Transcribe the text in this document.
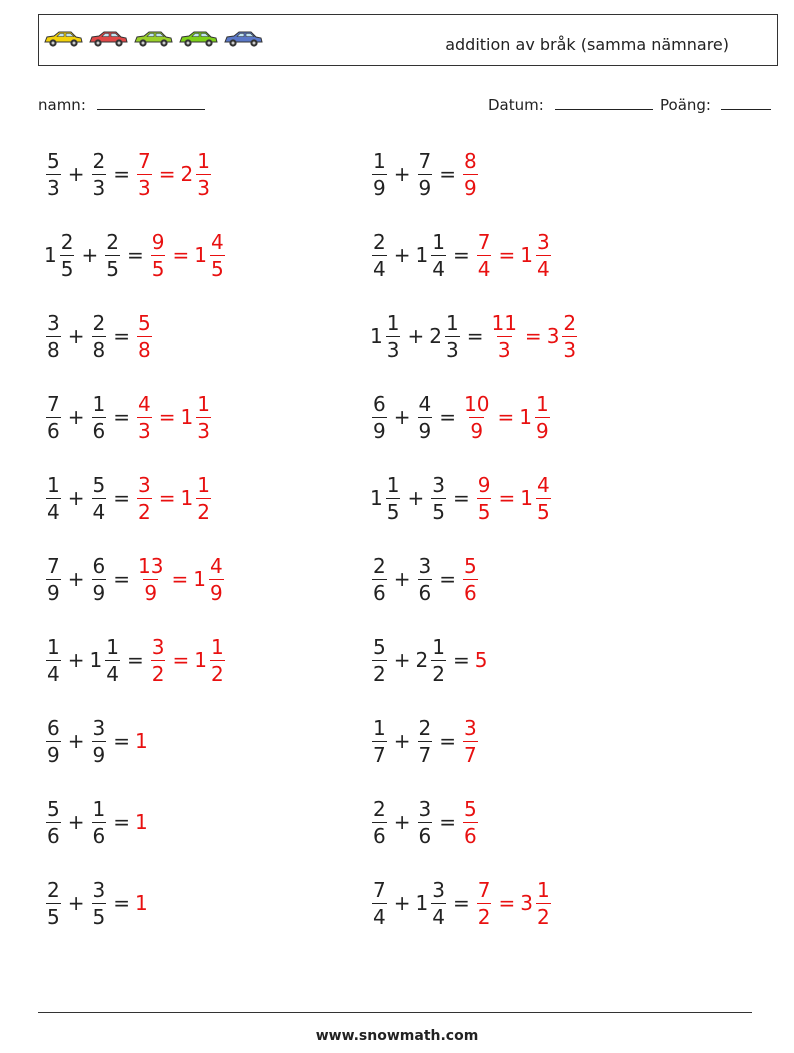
addition av bråk (samma nämnare)
namn:	Datum:	Poäng:
$\frac{5}{3} + \frac{2}{3} = \frac{7}{3} = 2 \frac{1}{3}$	$\frac{1}{9} + \frac{7}{9} = \frac{8}{9}$
$1 \frac{2}{5} + \frac{2}{5} = \frac{9}{5} = 1 \frac{4}{5}$	$\frac{2}{4} + 1 \frac{1}{4} = \frac{7}{4} = 1 \frac{3}{4}$
$\frac{3}{8} + \frac{2}{8} = \frac{5}{8}$	$1 \frac{1}{3} + 2 \frac{1}{3} = \frac{11}{3} = 3 \frac{2}{3}$
$\frac{7}{6} + \frac{1}{6} = \frac{4}{3} = 1 \frac{1}{3}$	$\frac{6}{9} + \frac{4}{9} = \frac{10}{9} = 1 \frac{1}{9}$
$\frac{1}{4} + \frac{5}{4} = \frac{3}{2} = 1 \frac{1}{2}$	$1 \frac{1}{5} + \frac{3}{5} = \frac{9}{5} = 1 \frac{4}{5}$
$\frac{7}{9} + \frac{6}{9} = \frac{13}{9} = 1 \frac{4}{9}$	$\frac{2}{6} + \frac{3}{6} = \frac{5}{6}$
$\frac{1}{4} + 1 \frac{1}{4} = \frac{3}{2} = 1 \frac{1}{2}$	$\frac{5}{2} + 2 \frac{1}{2} = 5$
$\frac{6}{9} + \frac{3}{9} = 1$	$\frac{1}{7} + \frac{2}{7} = \frac{3}{7}$
$\frac{5}{6} + \frac{1}{6} = 1$	$\frac{2}{6} + \frac{3}{6} = \frac{5}{6}$
$\frac{2}{5} + \frac{3}{5} = 1$	$\frac{7}{4} + 1 \frac{3}{4} = \frac{7}{2} = 3 \frac{1}{2}$
www.snowmath.com
